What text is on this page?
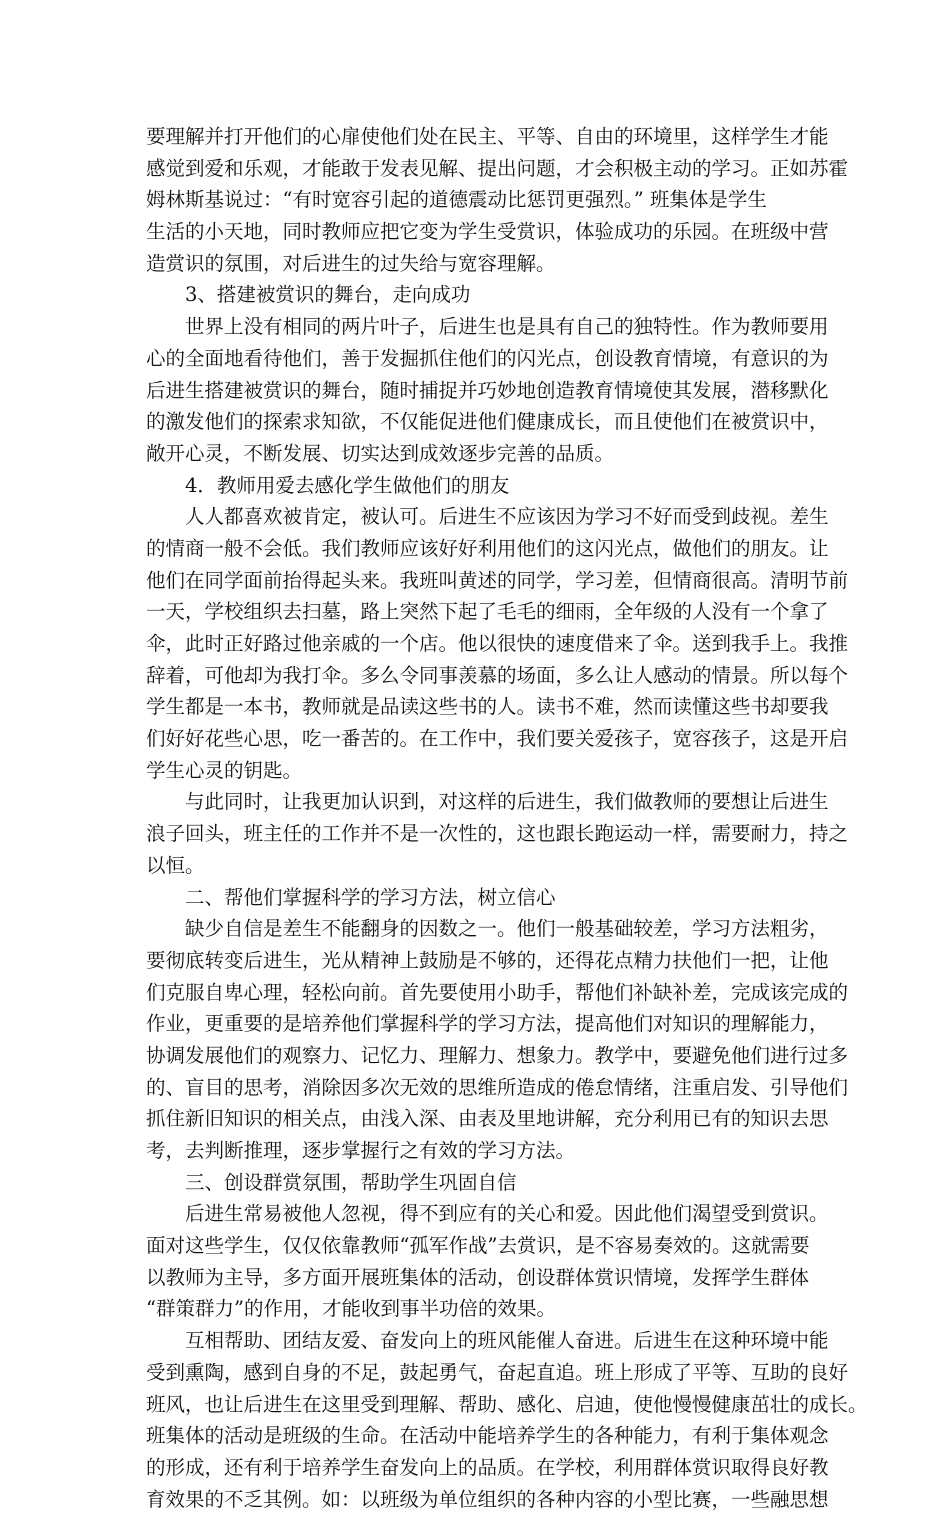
要理解并打开他们的心扉使他们处在民主、平等、自由的环境里，这样学生才能
感觉到爱和乐观，才能敢于发表见解、提出问题，才会积极主动的学习。正如苏霍
姆林斯基说过：“有时宽容引起的道德震动比惩罚更强烈。” 班集体是学生
生活的小天地，同时教师应把它变为学生受赏识，体验成功的乐园。在班级中营
造赏识的氛围，对后进生的过失给与宽容理解。
3、搭建被赏识的舞台，走向成功
世界上没有相同的两片叶子，后进生也是具有自己的独特性。作为教师要用
心的全面地看待他们，善于发掘抓住他们的闪光点，创设教育情境，有意识的为
后进生搭建被赏识的舞台，随时捕捉并巧妙地创造教育情境使其发展，潜移默化
的激发他们的探索求知欲，不仅能促进他们健康成长，而且使他们在被赏识中，
敞开心灵，不断发展、切实达到成效逐步完善的品质。
4．教师用爱去感化学生做他们的朋友
人人都喜欢被肯定，被认可。后进生不应该因为学习不好而受到歧视。差生
的情商一般不会低。我们教师应该好好利用他们的这闪光点，做他们的朋友。让
他们在同学面前抬得起头来。我班叫黄述的同学，学习差，但情商很高。清明节前
一天，学校组织去扫墓，路上突然下起了毛毛的细雨，全年级的人没有一个拿了
伞，此时正好路过他亲戚的一个店。他以很快的速度借来了伞。送到我手上。我推
辞着，可他却为我打伞。多么令同事羡慕的场面，多么让人感动的情景。所以每个
学生都是一本书，教师就是品读这些书的人。读书不难，然而读懂这些书却要我
们好好花些心思，吃一番苦的。在工作中，我们要关爱孩子，宽容孩子，这是开启
学生心灵的钥匙。
与此同时，让我更加认识到，对这样的后进生，我们做教师的要想让后进生
浪子回头，班主任的工作并不是一次性的，这也跟长跑运动一样，需要耐力，持之
以恒。
二、帮他们掌握科学的学习方法，树立信心
缺少自信是差生不能翻身的因数之一。他们一般基础较差，学习方法粗劣，
要彻底转变后进生，光从精神上鼓励是不够的，还得花点精力扶他们一把，让他
们克服自卑心理，轻松向前。首先要使用小助手，帮他们补缺补差，完成该完成的
作业，更重要的是培养他们掌握科学的学习方法，提高他们对知识的理解能力，
协调发展他们的观察力、记忆力、理解力、想象力。教学中，要避免他们进行过多
的、盲目的思考，消除因多次无效的思维所造成的倦怠情绪，注重启发、引导他们
抓住新旧知识的相关点，由浅入深、由表及里地讲解，充分利用已有的知识去思
考，去判断推理，逐步掌握行之有效的学习方法。
三、创设群赏氛围，帮助学生巩固自信
后进生常易被他人忽视，得不到应有的关心和爱。因此他们渴望受到赏识。
面对这些学生，仅仅依靠教师“孤军作战”去赏识，是不容易奏效的。这就需要
以教师为主导，多方面开展班集体的活动，创设群体赏识情境，发挥学生群体
“群策群力”的作用，才能收到事半功倍的效果。
互相帮助、团结友爱、奋发向上的班风能催人奋进。后进生在这种环境中能
受到熏陶，感到自身的不足，鼓起勇气，奋起直追。班上形成了平等、互助的良好
班风，也让后进生在这里受到理解、帮助、感化、启迪，使他慢慢健康茁壮的成长。
班集体的活动是班级的生命。在活动中能培养学生的各种能力，有利于集体观念
的形成，还有利于培养学生奋发向上的品质。在学校，利用群体赏识取得良好教
育效果的不乏其例。如：以班级为单位组织的各种内容的小型比赛，一些融思想
